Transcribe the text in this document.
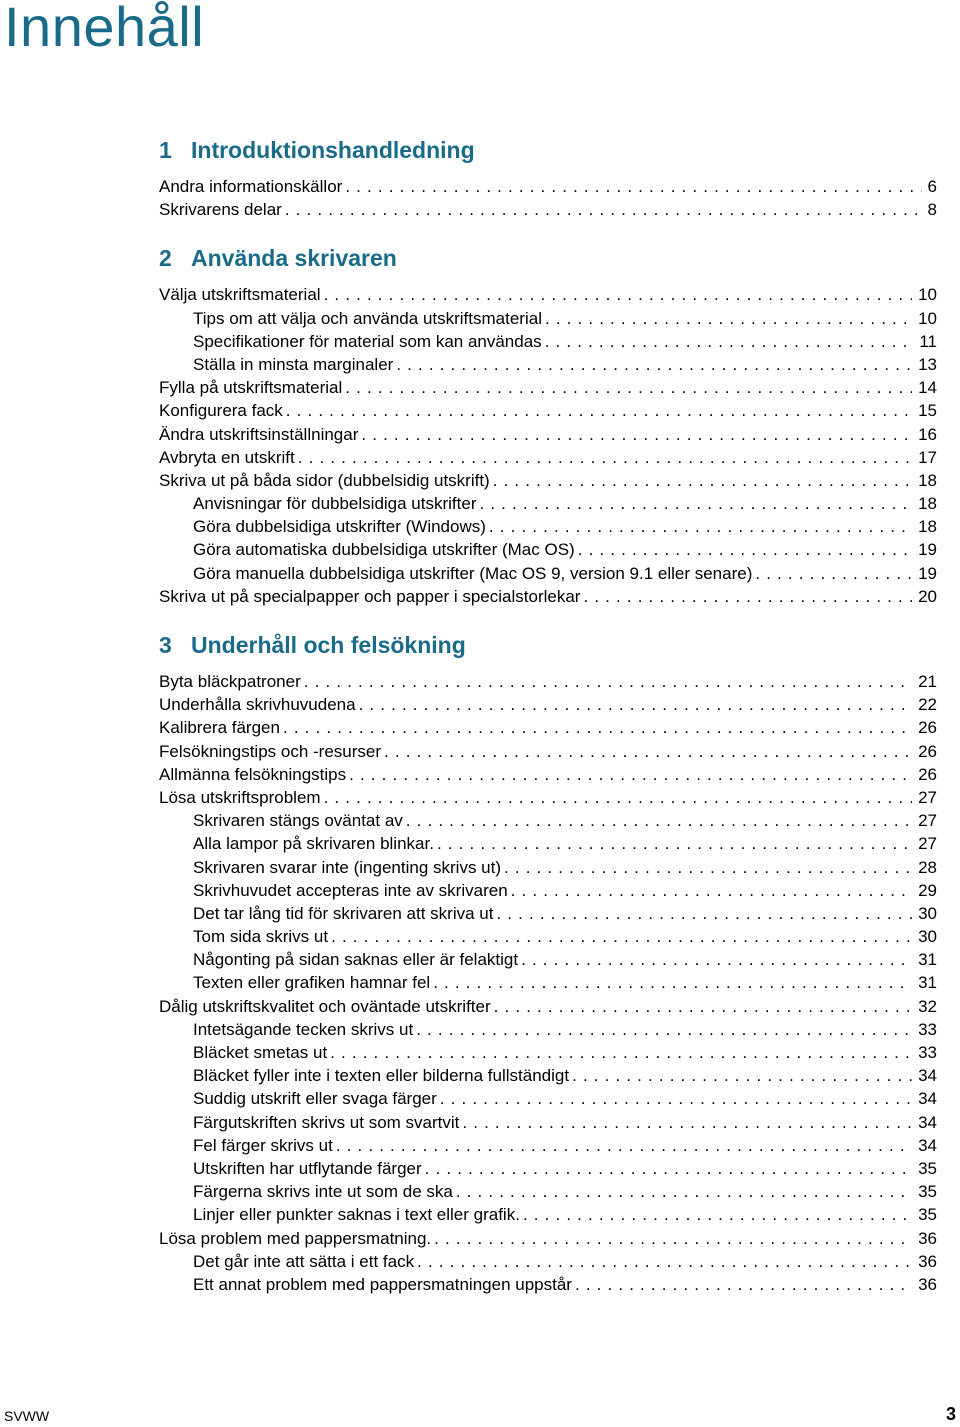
Innehåll
1 Introduktionshandledning
Andra informationskällor . . .	6
Skrivarens delar . . .	8
2 Använda skrivaren
Välja utskriftsmaterial . . .	10
Tips om att välja och använda utskriftsmaterial . . .	10
Specifikationer för material som kan användas . . .	11
Ställa in minsta marginaler . . .	13
Fylla på utskriftsmaterial . . .	14
Konfigurera fack . . .	15
Ändra utskriftsinställningar . . .	16
Avbryta en utskrift . . .	17
Skriva ut på båda sidor (dubbelsidig utskrift) . . .	18
Anvisningar för dubbelsidiga utskrifter . . .	18
Göra dubbelsidiga utskrifter (Windows) . . .	18
Göra automatiska dubbelsidiga utskrifter (Mac OS) . . .	19
Göra manuella dubbelsidiga utskrifter (Mac OS 9, version 9.1 eller senare) . . .	19
Skriva ut på specialpapper och papper i specialstorlekar . . .	20
3 Underhåll och felsökning
Byta bläckpatroner . . .	21
Underhålla skrivhuvudena . . .	22
Kalibrera färgen . . .	26
Felsökningstips och -resurser . . .	26
Allmänna felsökningstips . . .	26
Lösa utskriftsproblem . . .	27
Skrivaren stängs oväntat av . . .	27
Alla lampor på skrivaren blinkar. . . .	27
Skrivaren svarar inte (ingenting skrivs ut) . . .	28
Skrivhuvudet accepteras inte av skrivaren . . .	29
Det tar lång tid för skrivaren att skriva ut . . .	30
Tom sida skrivs ut . . .	30
Någonting på sidan saknas eller är felaktigt . . .	31
Texten eller grafiken hamnar fel . . .	31
Dålig utskriftskvalitet och oväntade utskrifter . . .	32
Intetsägande tecken skrivs ut . . .	33
Bläcket smetas ut . . .	33
Bläcket fyller inte i texten eller bilderna fullständigt . . .	34
Suddig utskrift eller svaga färger . . .	34
Färgutskriften skrivs ut som svartvit . . .	34
Fel färger skrivs ut . . .	34
Utskriften har utflytande färger . . .	35
Färgerna skrivs inte ut som de ska . . .	35
Linjer eller punkter saknas i text eller grafik. . . .	35
Lösa problem med pappersmatning. . . .	36
Det går inte att sätta i ett fack . . .	36
Ett annat problem med pappersmatningen uppstår . . .	36
SVWW	3
